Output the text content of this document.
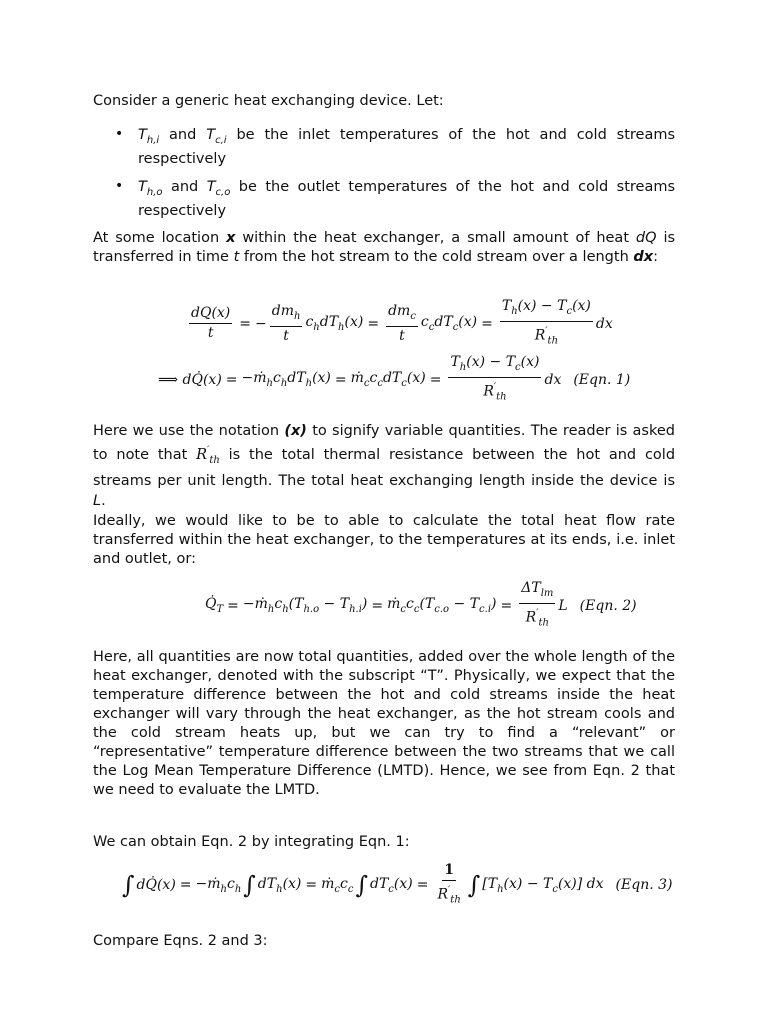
Consider a generic heat exchanging device. Let:
• $T_{h,i}$ and $T_{c,i}$ be the inlet temperatures of the hot and cold streams respectively
• $T_{h,o}$ and $T_{c,o}$ be the outlet temperatures of the hot and cold streams respectively
At some location x within the heat exchanger, a small amount of heat dQ is transferred in time t from the hot stream to the cold stream over a length dx:
$\frac{dQ(x)}{t}$ = − $\frac{dm_h}{t} c_hdT_h(x) = \frac{dm_c}{t} c_cdT_c(x) = \frac{T_h(x) - T_c(x)}{R'_{th}}$ dx
⟹
dQ̇(x) = $-ṁ_hc_hdT_h(x)$ = $ṁ_cc_cdT_c(x) = \frac{T_h(x) - T_c(x)}{R'_{th}}$ dx (Eqn. 1)
Here we use the notation (x) to signify variable quantities. The reader is asked to note that $R'_{th}$ is the total thermal resistance between the hot and cold streams per unit length. The total heat exchanging length inside the device is L.
Ideally, we would like to be to able to calculate the total heat flow rate transferred within the heat exchanger, to the temperatures at its ends, i.e. inlet and outlet, or:
$Q̇_T$ = $-ṁ_hc_h(T_{h.o} - T_{h.i})$ = $ṁ_cc_c(T_{c.o} - T_{c.i}) = \frac{\Delta T_{lm}}{R'_{th}}$ L (Eqn. 2)
Here, all quantities are now total quantities, added over the whole length of the heat exchanger, denoted with the subscript “T”. Physically, we expect that the temperature difference between the hot and cold streams inside the heat exchanger will vary through the heat exchanger, as the hot stream cools and the cold stream heats up, but we can try to find a “relevant” or “representative” temperature difference between the two streams that we call the Log Mean Temperature Difference (LMTD). Hence, we see from Eqn. 2 that we need to evaluate the LMTD.
We can obtain Eqn. 2 by integrating Eqn. 1:
∫ dQ̇(x) = $-ṁ_hc_h$ ∫ $dT_h(x)$ = $ṁ_cc_c$ ∫ $dT_c(x) = \frac{1}{R'_{th}}$ ∫ $[T_h(x) - T_c(x)]$ dx (Eqn. 3)
Compare Eqns. 2 and 3:
